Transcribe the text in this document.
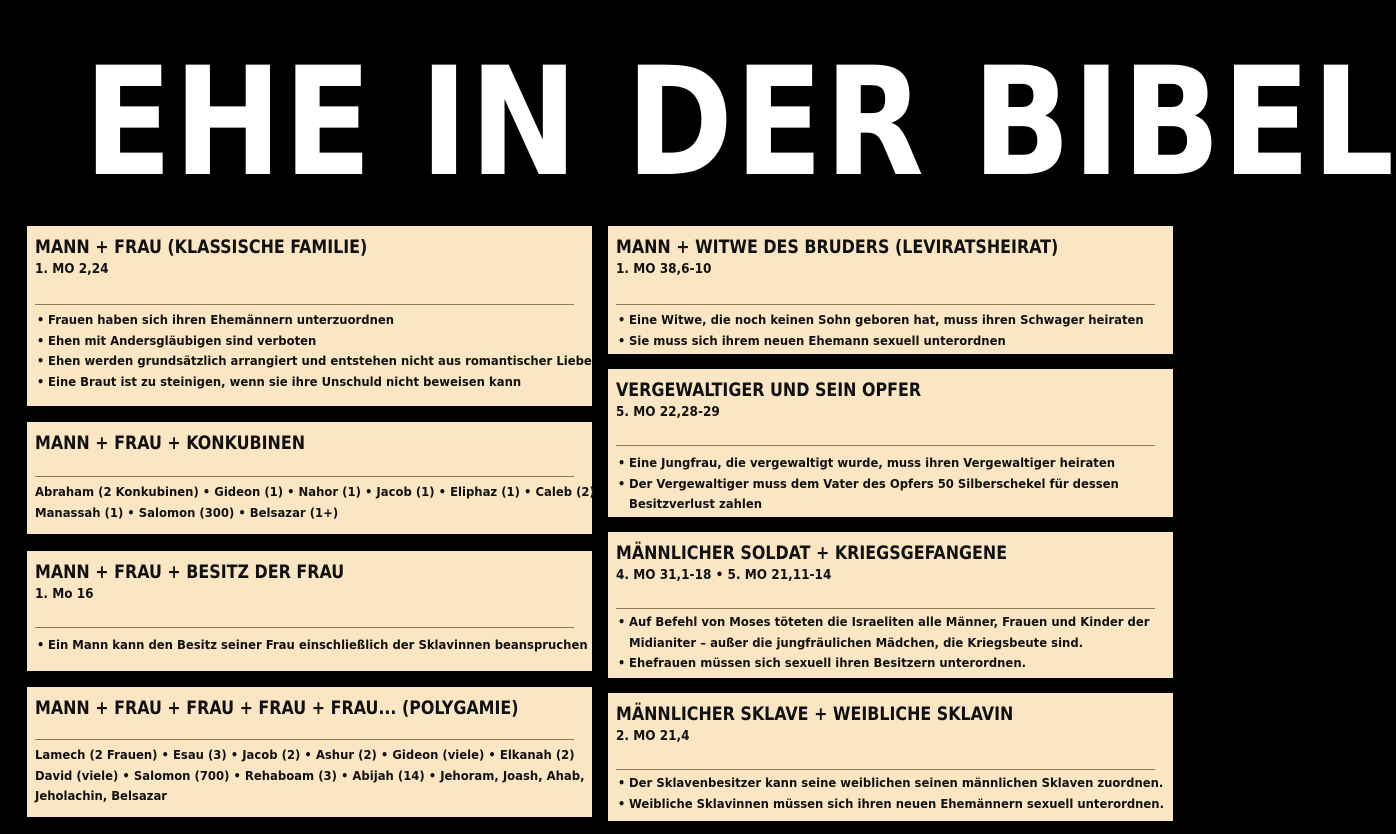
EHE IN DER BIBEL
MANN + FRAU (KLASSISCHE FAMILIE)
1. MO 2,24
• Frauen haben sich ihren Ehemännern unterzuordnen
• Ehen mit Andersgläubigen sind verboten
• Ehen werden grundsätzlich arrangiert und entstehen nicht aus romantischer Liebe
• Eine Braut ist zu steinigen, wenn sie ihre Unschuld nicht beweisen kann
MANN + FRAU + KONKUBINEN
Abraham (2 Konkubinen) • Gideon (1) • Nahor (1) • Jacob (1) • Eliphaz (1) • Caleb (2)
Manassah (1) • Salomon (300) • Belsazar (1+)
MANN + FRAU + BESITZ DER FRAU
1. Mo 16
• Ein Mann kann den Besitz seiner Frau einschließlich der Sklavinnen beanspruchen
MANN + FRAU + FRAU + FRAU + FRAU... (POLYGAMIE)
Lamech (2 Frauen) • Esau (3) • Jacob (2) • Ashur (2) • Gideon (viele) • Elkanah (2)
David (viele) • Salomon (700) • Rehaboam (3) • Abijah (14) • Jehoram, Joash, Ahab,
Jeholachin, Belsazar
MANN + WITWE DES BRUDERS (LEVIRATSHEIRAT)
1. MO 38,6-10
• Eine Witwe, die noch keinen Sohn geboren hat, muss ihren Schwager heiraten
• Sie muss sich ihrem neuen Ehemann sexuell unterordnen
VERGEWALTIGER UND SEIN OPFER
5. MO 22,28-29
• Eine Jungfrau, die vergewaltigt wurde, muss ihren Vergewaltiger heiraten
• Der Vergewaltiger muss dem Vater des Opfers 50 Silberschekel für dessen Besitzverlust zahlen
MÄNNLICHER SOLDAT + KRIEGSGEFANGENE
4. MO 31,1-18 • 5. MO 21,11-14
• Auf Befehl von Moses töteten die Israeliten alle Männer, Frauen und Kinder der Midianiter – außer die jungfräulichen Mädchen, die Kriegsbeute sind.
• Ehefrauen müssen sich sexuell ihren Besitzern unterordnen.
MÄNNLICHER SKLAVE + WEIBLICHE SKLAVIN
2. MO 21,4
• Der Sklavenbesitzer kann seine weiblichen seinen männlichen Sklaven zuordnen.
• Weibliche Sklavinnen müssen sich ihren neuen Ehemännern sexuell unterordnen.
